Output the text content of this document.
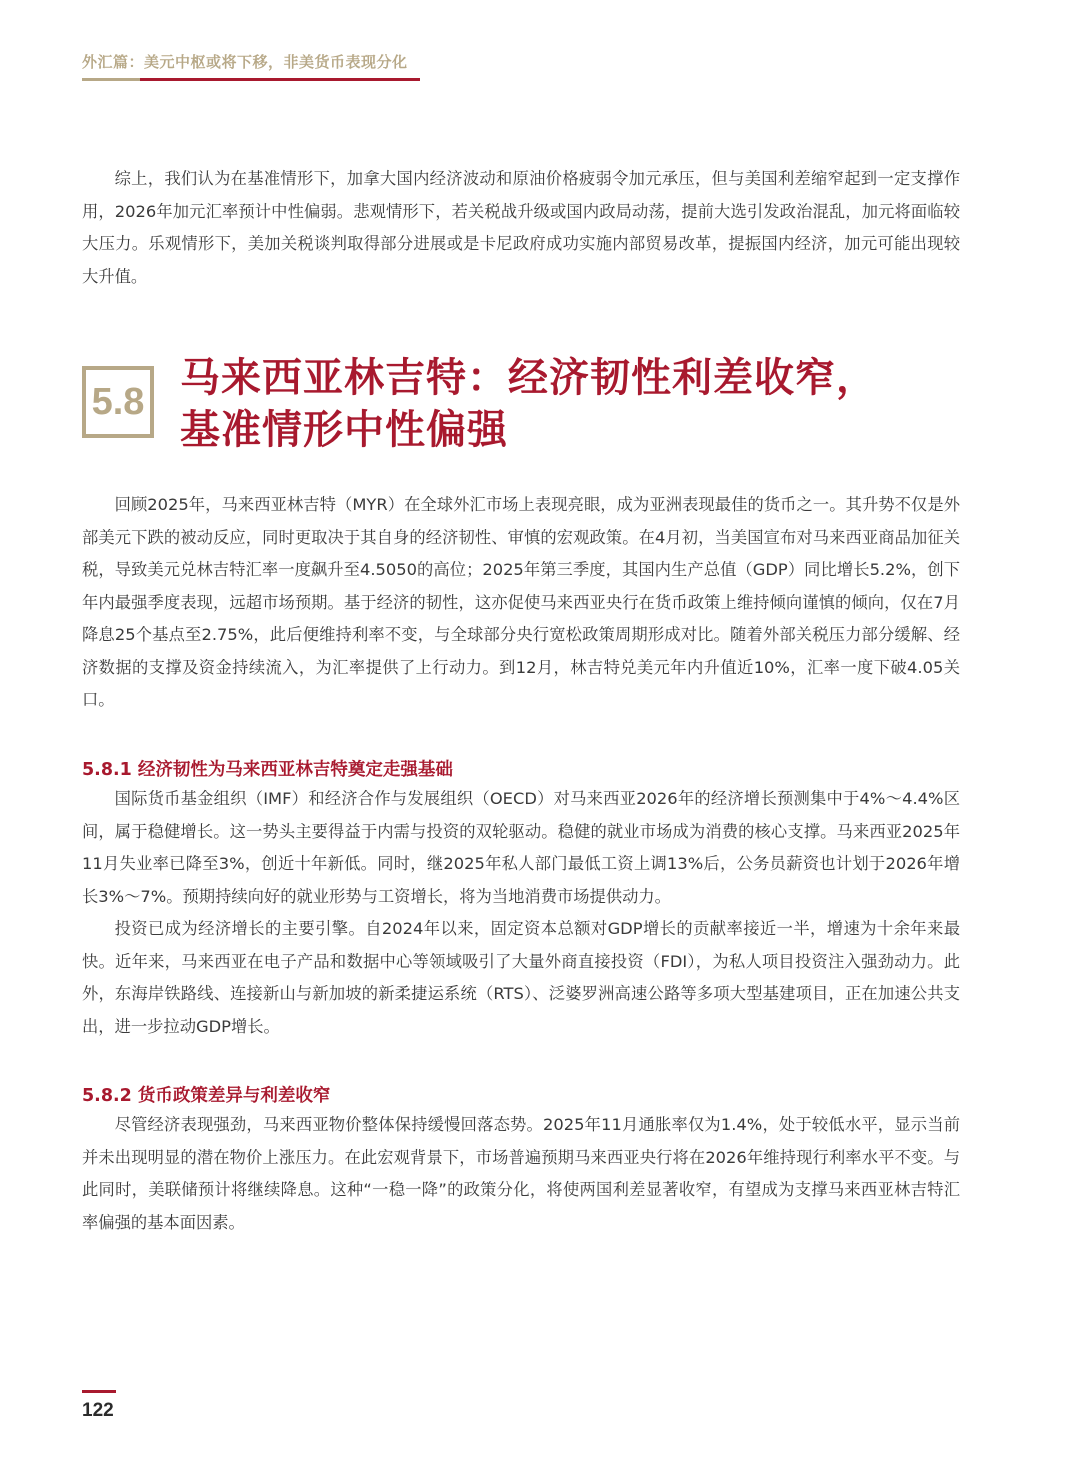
外汇篇：美元中枢或将下移，非美货币表现分化

综上，我们认为在基准情形下，加拿大国内经济波动和原油价格疲弱令加元承压，但与美国利差缩窄起到一定支撑作用，2026年加元汇率预计中性偏弱。悲观情形下，若关税战升级或国内政局动荡，提前大选引发政治混乱，加元将面临较大压力。乐观情形下，美加关税谈判取得部分进展或是卡尼政府成功实施内部贸易改革，提振国内经济，加元可能出现较大升值。

5.8
马来西亚林吉特：经济韧性利差收窄，
基准情形中性偏强

回顾2025年，马来西亚林吉特（MYR）在全球外汇市场上表现亮眼，成为亚洲表现最佳的货币之一。其升势不仅是外部美元下跌的被动反应，同时更取决于其自身的经济韧性、审慎的宏观政策。在4月初，当美国宣布对马来西亚商品加征关税，导致美元兑林吉特汇率一度飙升至4.5050的高位；2025年第三季度，其国内生产总值（GDP）同比增长5.2%，创下年内最强季度表现，远超市场预期。基于经济的韧性，这亦促使马来西亚央行在货币政策上维持倾向谨慎的倾向，仅在7月降息25个基点至2.75%，此后便维持利率不变，与全球部分央行宽松政策周期形成对比。随着外部关税压力部分缓解、经济数据的支撑及资金持续流入，为汇率提供了上行动力。到12月，林吉特兑美元年内升值近10%，汇率一度下破4.05关口。

5.8.1 经济韧性为马来西亚林吉特奠定走强基础

国际货币基金组织（IMF）和经济合作与发展组织（OECD）对马来西亚2026年的经济增长预测集中于4%～4.4%区间，属于稳健增长。这一势头主要得益于内需与投资的双轮驱动。稳健的就业市场成为消费的核心支撑。马来西亚2025年11月失业率已降至3%，创近十年新低。同时，继2025年私人部门最低工资上调13%后，公务员薪资也计划于2026年增长3%～7%。预期持续向好的就业形势与工资增长，将为当地消费市场提供动力。

投资已成为经济增长的主要引擎。自2024年以来，固定资本总额对GDP增长的贡献率接近一半，增速为十余年来最快。近年来，马来西亚在电子产品和数据中心等领域吸引了大量外商直接投资（FDI），为私人项目投资注入强劲动力。此外，东海岸铁路线、连接新山与新加坡的新柔捷运系统（RTS）、泛婆罗洲高速公路等多项大型基建项目，正在加速公共支出，进一步拉动GDP增长。

5.8.2 货币政策差异与利差收窄

尽管经济表现强劲，马来西亚物价整体保持缓慢回落态势。2025年11月通胀率仅为1.4%，处于较低水平，显示当前并未出现明显的潜在物价上涨压力。在此宏观背景下，市场普遍预期马来西亚央行将在2026年维持现行利率水平不变。与此同时，美联储预计将继续降息。这种“一稳一降”的政策分化，将使两国利差显著收窄，有望成为支撑马来西亚林吉特汇率偏强的基本面因素。

122
